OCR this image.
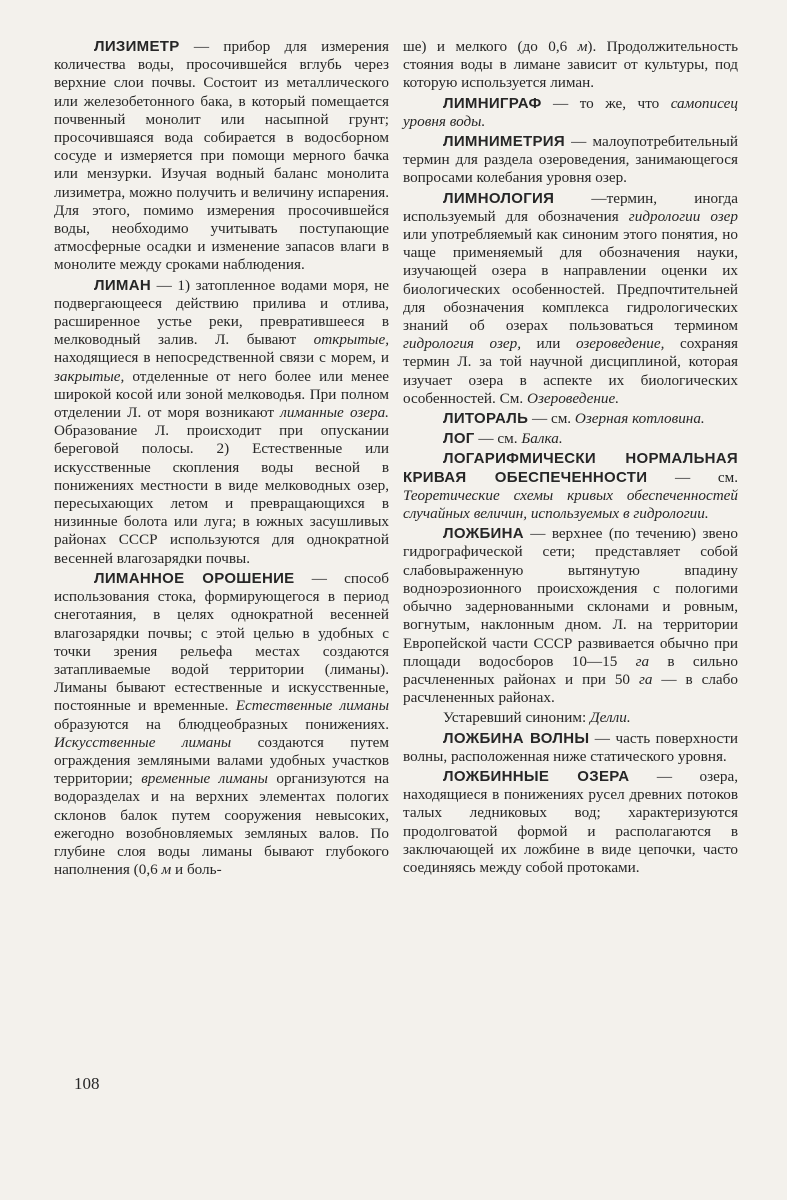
ЛИЗИМЕТР — прибор для измерения количества воды, просочившейся вглубь через верхние слои почвы. Состоит из металлического или железобетонного бака, в который помещается почвенный монолит или насыпной грунт; просочившаяся вода собирается в водосборном сосуде и измеряется при помощи мерного бачка или мензурки. Изучая водный баланс монолита лизиметра, можно получить и величину испарения. Для этого, помимо измерения просочившейся воды, необходимо учитывать поступающие атмосферные осадки и изменение запасов влаги в монолите между сроками наблюдения.

ЛИМАН — 1) затопленное водами моря, не подвергающееся действию прилива и отлива, расширенное устье реки, превратившееся в мелководный залив. Л. бывают открытые, находящиеся в непосредственной связи с морем, и закрытые, отделенные от него более или менее широкой косой или зоной мелководья. При полном отделении Л. от моря возникают лиманные озера. Образование Л. происходит при опускании береговой полосы. 2) Естественные или искусственные скопления воды весной в понижениях местности в виде мелководных озер, пересыхающих летом и превращающихся в низинные болота или луга; в южных засушливых районах СССР используются для однократной весенней влагозарядки почвы.

ЛИМАННОЕ ОРОШЕНИЕ — способ использования стока, формирующегося в период снеготаяния, в целях однократной весенней влагозарядки почвы; с этой целью в удобных с точки зрения рельефа местах создаются затапливаемые водой территории (лиманы). Лиманы бывают естественные и искусственные, постоянные и временные. Естественные лиманы образуются на блюдцеобразных понижениях. Искусственные лиманы создаются путем ограждения земляными валами удобных участков территории; временные лиманы организуются на водоразделах и на верхних элементах пологих склонов балок путем сооружения невысоких, ежегодно возобновляемых земляных валов. По глубине слоя воды лиманы бывают глубокого наполнения (0,6 м и боль-

ше) и мелкого (до 0,6 м). Продолжительность стояния воды в лимане зависит от культуры, под которую используется лиман.

ЛИМНИГРАФ — то же, что самописец уровня воды.

ЛИМНИМЕТРИЯ — малоупотребительный термин для раздела озероведения, занимающегося вопросами колебания уровня озер.

ЛИМНОЛОГИЯ —термин, иногда используемый для обозначения гидрологии озер или употребляемый как синоним этого понятия, но чаще применяемый для обозначения науки, изучающей озера в направлении оценки их биологических особенностей. Предпочтительней для обозначения комплекса гидрологических знаний об озерах пользоваться термином гидрология озер, или озероведение, сохраняя термин Л. за той научной дисциплиной, которая изучает озера в аспекте их биологических особенностей. См. Озероведение.

ЛИТОРАЛЬ — см. Озерная котловина.

ЛОГ — см. Балка.

ЛОГАРИФМИЧЕСКИ НОРМАЛЬНАЯ КРИВАЯ ОБЕСПЕЧЕННОСТИ — см. Теоретические схемы кривых обеспеченностей случайных величин, используемых в гидрологии.

ЛОЖБИНА — верхнее (по течению) звено гидрографической сети; представляет собой слабовыраженную вытянутую впадину водноэрозионного происхождения с пологими обычно задернованными склонами и ровным, вогнутым, наклонным дном. Л. на территории Европейской части СССР развивается обычно при площади водосборов 10—15 га в сильно расчлененных районах и при 50 га — в слабо расчлененных районах.

Устаревший синоним: Делли.

ЛОЖБИНА ВОЛНЫ — часть поверхности волны, расположенная ниже статического уровня.

ЛОЖБИННЫЕ ОЗЕРА — озера, находящиеся в понижениях русел древних потоков талых ледниковых вод; характеризуются продолговатой формой и располагаются в заключающей их ложбине в виде цепочки, часто соединяясь между собой протоками.

108
